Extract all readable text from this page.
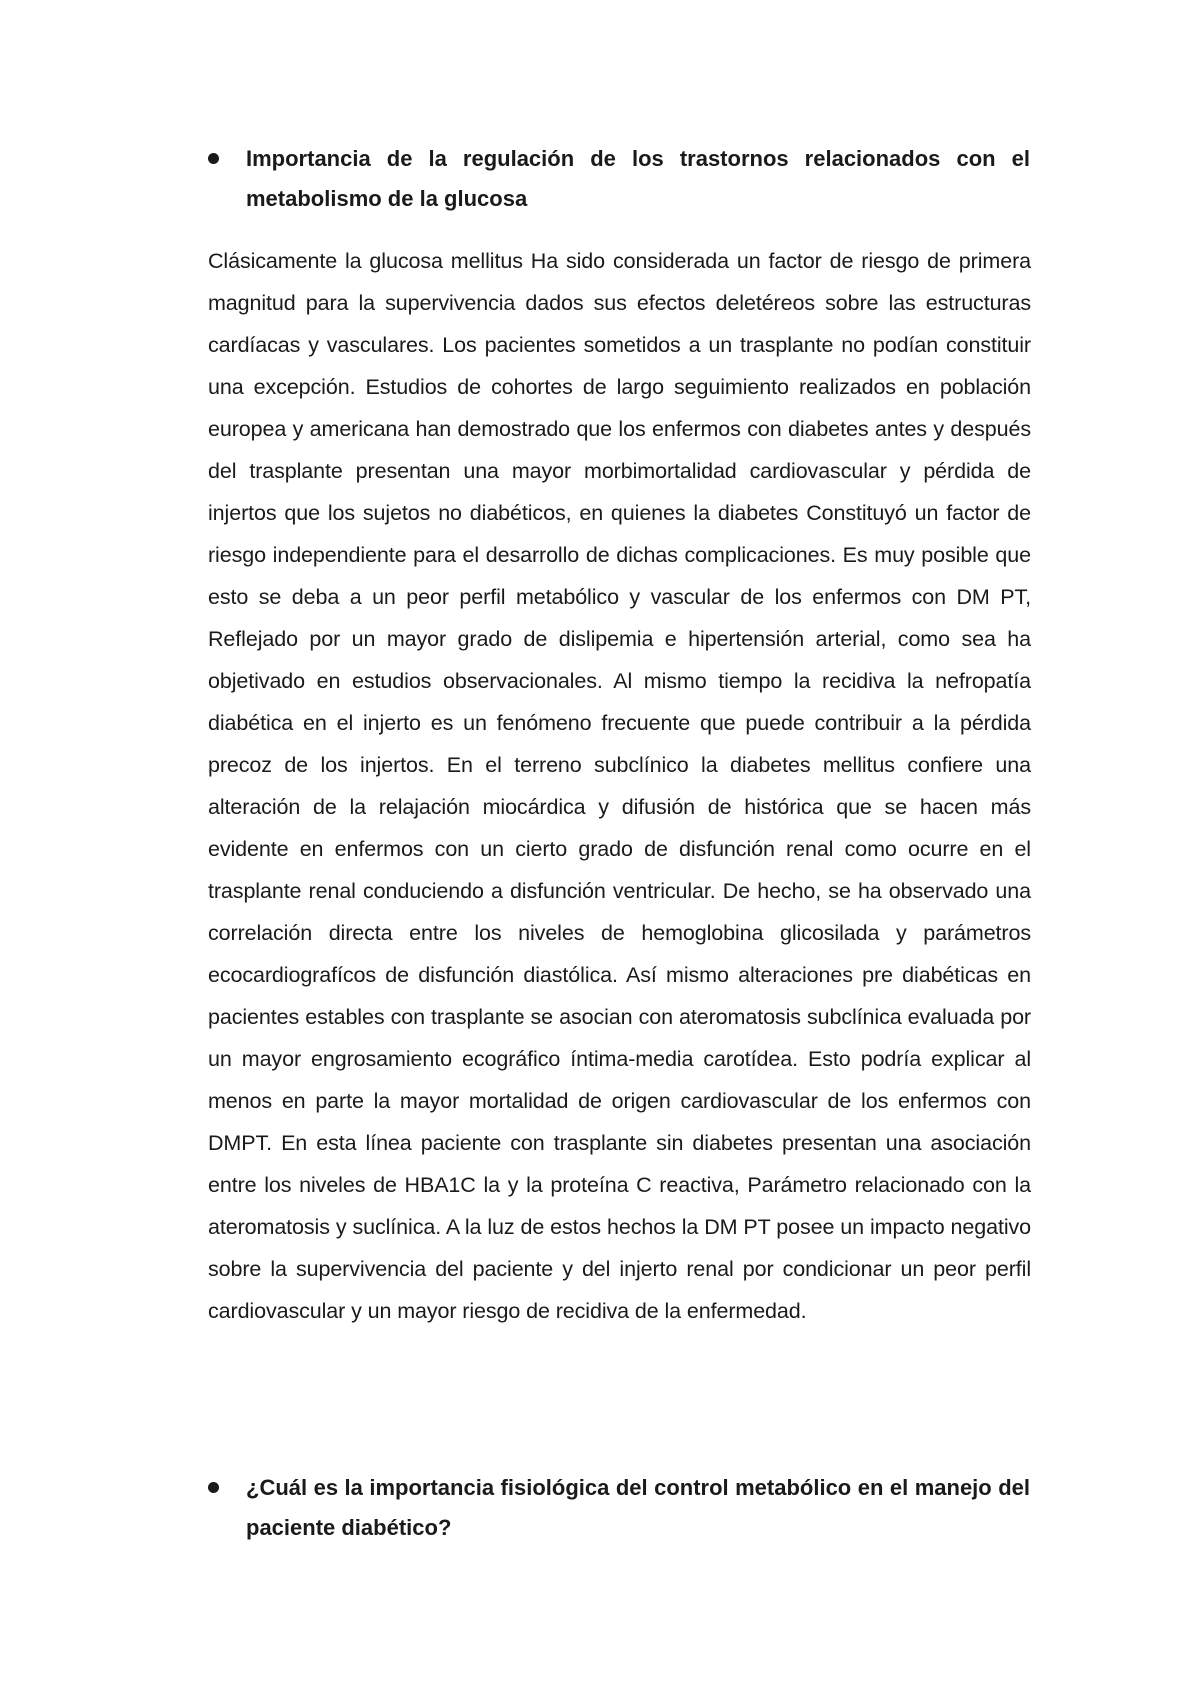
Importancia de la regulación de los trastornos relacionados con el metabolismo de la glucosa

Clásicamente la glucosa mellitus Ha sido considerada un factor de riesgo de primera magnitud para la supervivencia dados sus efectos deletéreos sobre las estructuras cardíacas y vasculares. Los pacientes sometidos a un trasplante no podían constituir una excepción. Estudios de cohortes de largo seguimiento realizados en población europea y americana han demostrado que los enfermos con diabetes antes y después del trasplante presentan una mayor morbimortalidad cardiovascular y pérdida de injertos que los sujetos no diabéticos, en quienes la diabetes Constituyó un factor de riesgo independiente para el desarrollo de dichas complicaciones. Es muy posible que esto se deba a un peor perfil metabólico y vascular de los enfermos con DM PT, Reflejado por un mayor grado de dislipemia e hipertensión arterial, como sea ha objetivado en estudios observacionales. Al mismo tiempo la recidiva la nefropatía diabética en el injerto es un fenómeno frecuente que puede contribuir a la pérdida precoz de los injertos. En el terreno subclínico la diabetes mellitus confiere una alteración de la relajación miocárdica y difusión de histórica que se hacen más evidente en enfermos con un cierto grado de disfunción renal como ocurre en el trasplante renal conduciendo a disfunción ventricular. De hecho, se ha observado una correlación directa entre los niveles de hemoglobina glicosilada y parámetros ecocardiografícos de disfunción diastólica. Así mismo alteraciones pre diabéticas en pacientes estables con trasplante se asocian con ateromatosis subclínica evaluada por un mayor engrosamiento ecográfico íntima-media carotídea. Esto podría explicar al menos en parte la mayor mortalidad de origen cardiovascular de los enfermos con DMPT. En esta línea paciente con trasplante sin diabetes presentan una asociación entre los niveles de HBA1C la y la proteína C reactiva, Parámetro relacionado con la ateromatosis y suclínica. A la luz de estos hechos la DM PT posee un impacto negativo sobre la supervivencia del paciente y del injerto renal por condicionar un peor perfil cardiovascular y un mayor riesgo de recidiva de la enfermedad.

¿Cuál es la importancia fisiológica del control metabólico en el manejo del paciente diabético?
